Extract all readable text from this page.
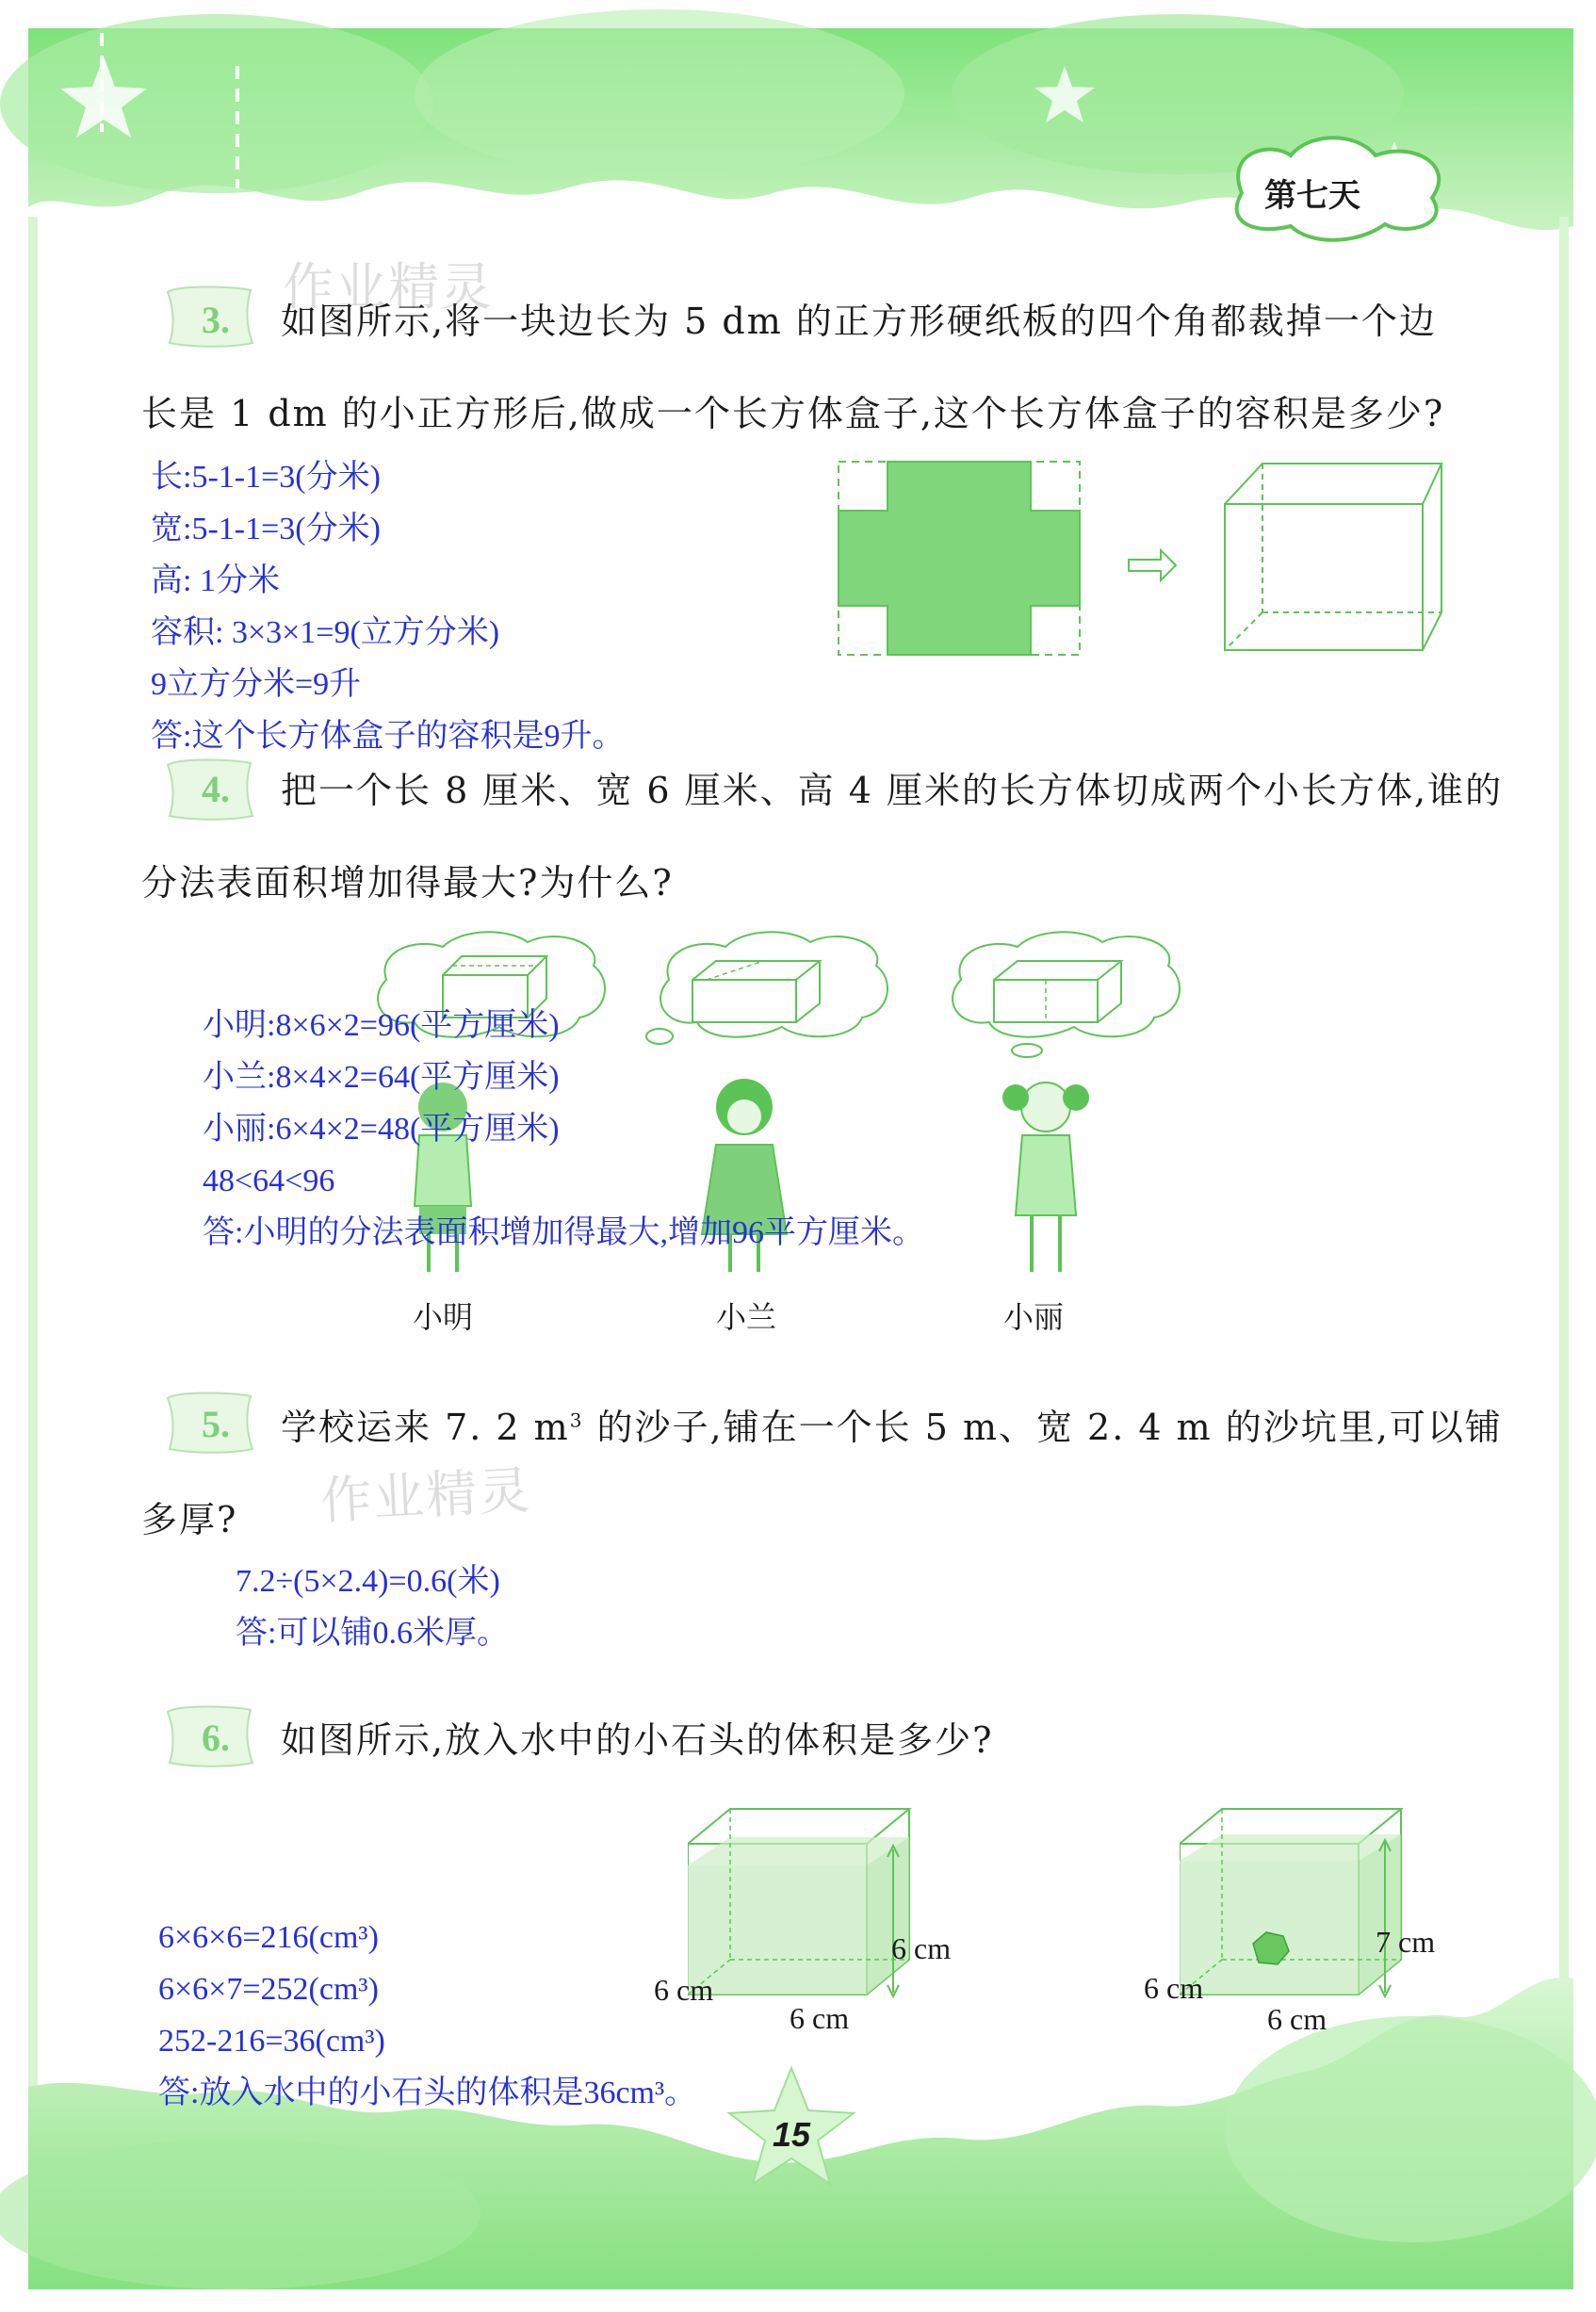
第七天
作业精灵
作业精灵
3. 如图所示,将一块边长为 5 dm 的正方形硬纸板的四个角都裁掉一个边
长是 1 dm 的小正方形后,做成一个长方体盒子,这个长方体盒子的容积是多少?
长:5-1-1=3(分米)
宽:5-1-1=3(分米)
高: 1分米
容积: 3×3×1=9(立方分米)
9立方分米=9升
答:这个长方体盒子的容积是9升。
4. 把一个长 8 厘米、宽 6 厘米、高 4 厘米的长方体切成两个小长方体,谁的
分法表面积增加得最大?为什么?
小明:8×6×2=96(平方厘米)
小兰:8×4×2=64(平方厘米)
小丽:6×4×2=48(平方厘米)
48<64<96
答:小明的分法表面积增加得最大,增加96平方厘米。
小明	小兰	小丽
5. 学校运来 7. 2 $m^3$ 的沙子,铺在一个长 5 m、宽 2. 4 m 的沙坑里,可以铺
多厚?
7.2÷(5×2.4)=0.6(米)
答:可以铺0.6米厚。
6. 如图所示,放入水中的小石头的体积是多少?
6 cm
6 cm
6 cm
7 cm
6 cm
6 cm
6×6×6=216(cm³)
6×6×7=252(cm³)
252-216=36(cm³)
答:放入水中的小石头的体积是36cm³。
15
